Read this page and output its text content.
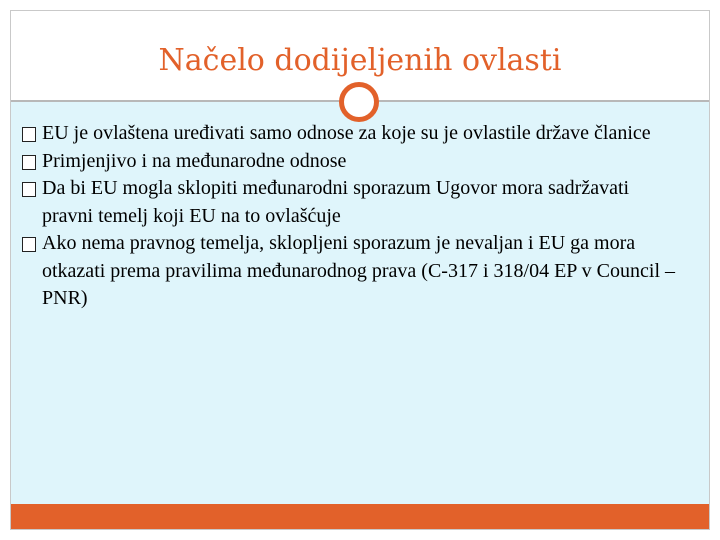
Načelo dodijeljenih ovlasti
EU je ovlaštena uređivati samo odnose za koje su je ovlastile države članice
Primjenjivo i na međunarodne odnose
Da bi EU mogla sklopiti međunarodni sporazum Ugovor mora sadržavati pravni temelj koji EU na to ovlašćuje
Ako nema pravnog temelja, sklopljeni sporazum je nevaljan i EU ga mora otkazati prema pravilima međunarodnog prava (C-317 i 318/04 EP v Council – PNR)
